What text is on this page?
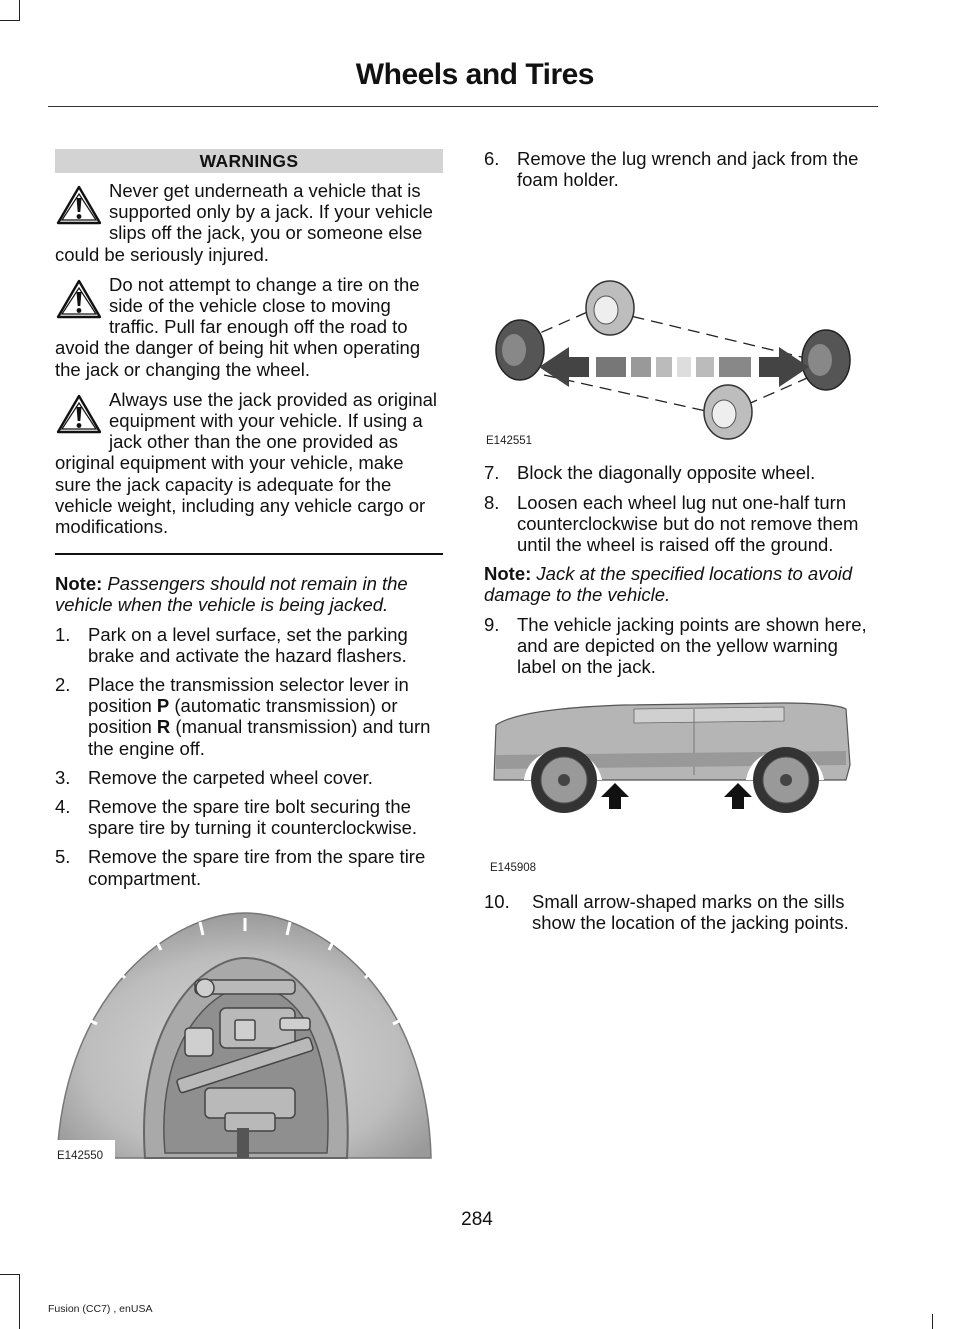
Wheels and Tires
WARNINGS
Never get underneath a vehicle that is supported only by a jack. If your vehicle slips off the jack, you or someone else could be seriously injured.
Do not attempt to change a tire on the side of the vehicle close to moving traffic. Pull far enough off the road to avoid the danger of being hit when operating the jack or changing the wheel.
Always use the jack provided as original equipment with your vehicle. If using a jack other than the one provided as original equipment with your vehicle, make sure the jack capacity is adequate for the vehicle weight, including any vehicle cargo or modifications.
Note: Passengers should not remain in the vehicle when the vehicle is being jacked.
1. Park on a level surface, set the parking brake and activate the hazard flashers.
2. Place the transmission selector lever in position P (automatic transmission) or position R (manual transmission) and turn the engine off.
3. Remove the carpeted wheel cover.
4. Remove the spare tire bolt securing the spare tire by turning it counterclockwise.
5. Remove the spare tire from the spare tire compartment.
E142550
6. Remove the lug wrench and jack from the foam holder.
E142551
7. Block the diagonally opposite wheel.
8. Loosen each wheel lug nut one-half turn counterclockwise but do not remove them until the wheel is raised off the ground.
Note: Jack at the specified locations to avoid damage to the vehicle.
9. The vehicle jacking points are shown here, and are depicted on the yellow warning label on the jack.
E145908
10. Small arrow-shaped marks on the sills show the location of the jacking points.
284
Fusion (CC7) , enUSA
